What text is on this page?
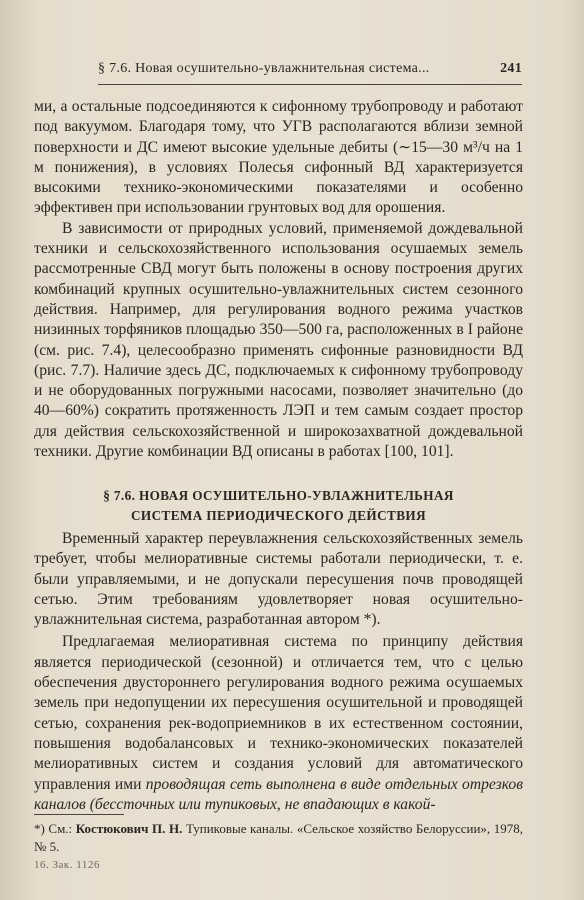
§ 7.6. Новая осушительно-увлажнительная система...	241

ми, а остальные подсоединяются к сифонному трубопроводу и работают под вакуумом. Благодаря тому, что УГВ располагаются вблизи земной поверхности и ДС имеют высокие удельные дебиты (∼15—30 м³/ч на 1 м понижения), в условиях Полесья сифонный ВД характеризуется высокими технико-экономическими показателями и особенно эффективен при использовании грунтовых вод для орошения.

В зависимости от природных условий, применяемой дождевальной техники и сельскохозяйственного использования осушаемых земель рассмотренные СВД могут быть положены в основу построения других комбинаций крупных осушительно-увлажнительных систем сезонного действия. Например, для регулирования водного режима участков низинных торфяников площадью 350—500 га, расположенных в I районе (см. рис. 7.4), целесообразно применять сифонные разновидности ВД (рис. 7.7). Наличие здесь ДС, подключаемых к сифонному трубопроводу и не оборудованных погружными насосами, позволяет значительно (до 40—60%) сократить протяженность ЛЭП и тем самым создает простор для действия сельскохозяйственной и широкозахватной дождевальной техники. Другие комбинации ВД описаны в работах [100, 101].

§ 7.6. НОВАЯ ОСУШИТЕЛЬНО-УВЛАЖНИТЕЛЬНАЯ
СИСТЕМА ПЕРИОДИЧЕСКОГО ДЕЙСТВИЯ

Временный характер переувлажнения сельскохозяйственных земель требует, чтобы мелиоративные системы работали периодически, т. е. были управляемыми, и не допускали пересушения почв проводящей сетью. Этим требованиям удовлетворяет новая осушительно-увлажнительная система, разработанная автором *).

Предлагаемая мелиоративная система по принципу действия является периодической (сезонной) и отличается тем, что с целью обеспечения двустороннего регулирования водного режима осушаемых земель при недопущении их пересушения осушительной и проводящей сетью, сохранения рек-водоприемников в их естественном состоянии, повышения водобалансовых и технико-экономических показателей мелиоративных систем и создания условий для автоматического управления ими проводящая сеть выполнена в виде отдельных отрезков каналов (бессточных или тупиковых, не впадающих в какой-

*) См.: Костюкович П. Н. Тупиковые каналы. «Сельское хозяйство Белоруссии», 1978, № 5.
16. Зак. 1126
